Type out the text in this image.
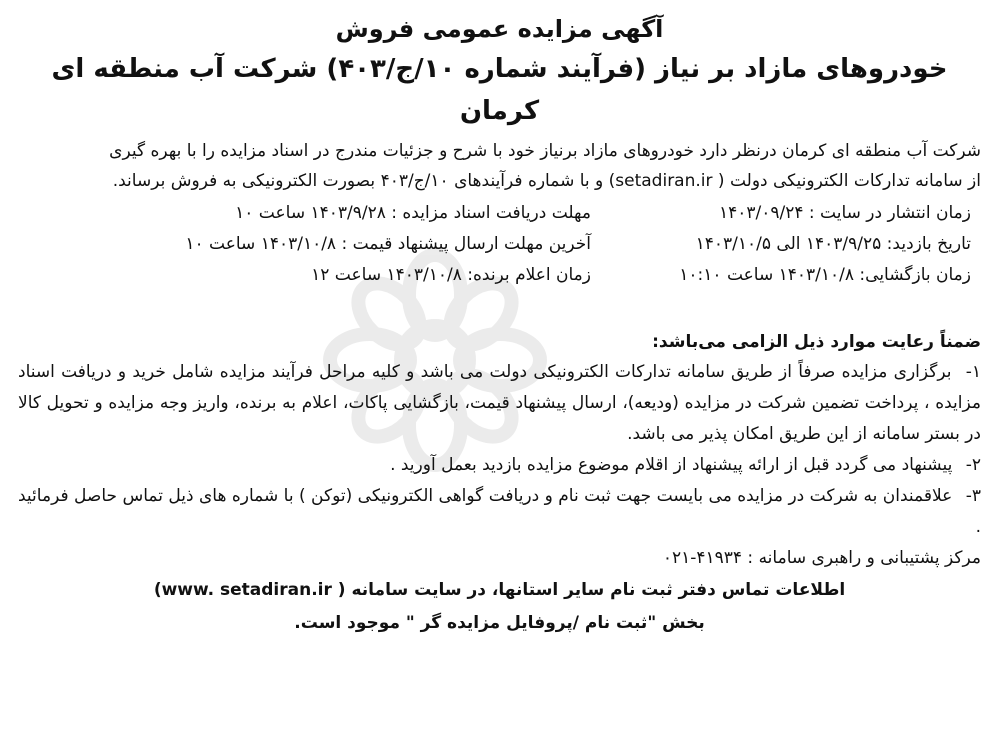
آگهی مزایده عمومی فروش

خودروهای مازاد بر نیاز (فرآیند شماره ۱۰/ج/۴۰۳) شرکت آب منطقه ای کرمان

شرکت آب منطقه ای کرمان درنظر دارد خودروهای مازاد برنیاز خود با شرح و جزئیات مندرج در اسناد مزایده را با بهره گیری

از سامانه تدارکات الکترونیکی دولت ( setadiran.ir) و با شماره فرآیندهای ۱۰/ج/۴۰۳ بصورت الکترونیکی به فروش برساند.

زمان انتشار در سایت : ۱۴۰۳/۰۹/۲۴
مهلت دریافت اسناد مزایده : ۱۴۰۳/۹/۲۸ ساعت ۱۰
تاریخ بازدید: ۱۴۰۳/۹/۲۵ الی ۱۴۰۳/۱۰/۵
آخرین مهلت ارسال پیشنهاد قیمت : ۱۴۰۳/۱۰/۸ ساعت ۱۰
زمان بازگشایی: ۱۴۰۳/۱۰/۸ ساعت ۱۰:۱۰
زمان اعلام برنده: ۱۴۰۳/۱۰/۸ ساعت ۱۲

ضمناً رعایت موارد ذیل الزامی می‌باشد:

۱- برگزاری مزایده صرفاً از طریق سامانه تدارکات الکترونیکی دولت می باشد و کلیه مراحل فرآیند مزایده شامل خرید و دریافت اسناد مزایده ، پرداخت تضمین شرکت در مزایده (ودیعه)، ارسال پیشنهاد قیمت، بازگشایی پاکات، اعلام به برنده، واریز وجه مزایده و تحویل کالا در بستر سامانه از این طریق امکان پذیر می باشد.

۲- پیشنهاد می گردد قبل از ارائه پیشنهاد از اقلام موضوع مزایده بازدید بعمل آورید .

۳- علاقمندان به شرکت در مزایده می بایست جهت ثبت نام و دریافت گواهی الکترونیکی (توکن ) با شماره های ذیل تماس حاصل فرمائید .

مرکز پشتیبانی و راهبری سامانه : ۴۱۹۳۴-۰۲۱

اطلاعات تماس دفتر ثبت نام سایر استانها، در سایت سامانه ( www. setadiran.ir)

بخش "ثبت نام /پروفایل مزایده گر " موجود است.
